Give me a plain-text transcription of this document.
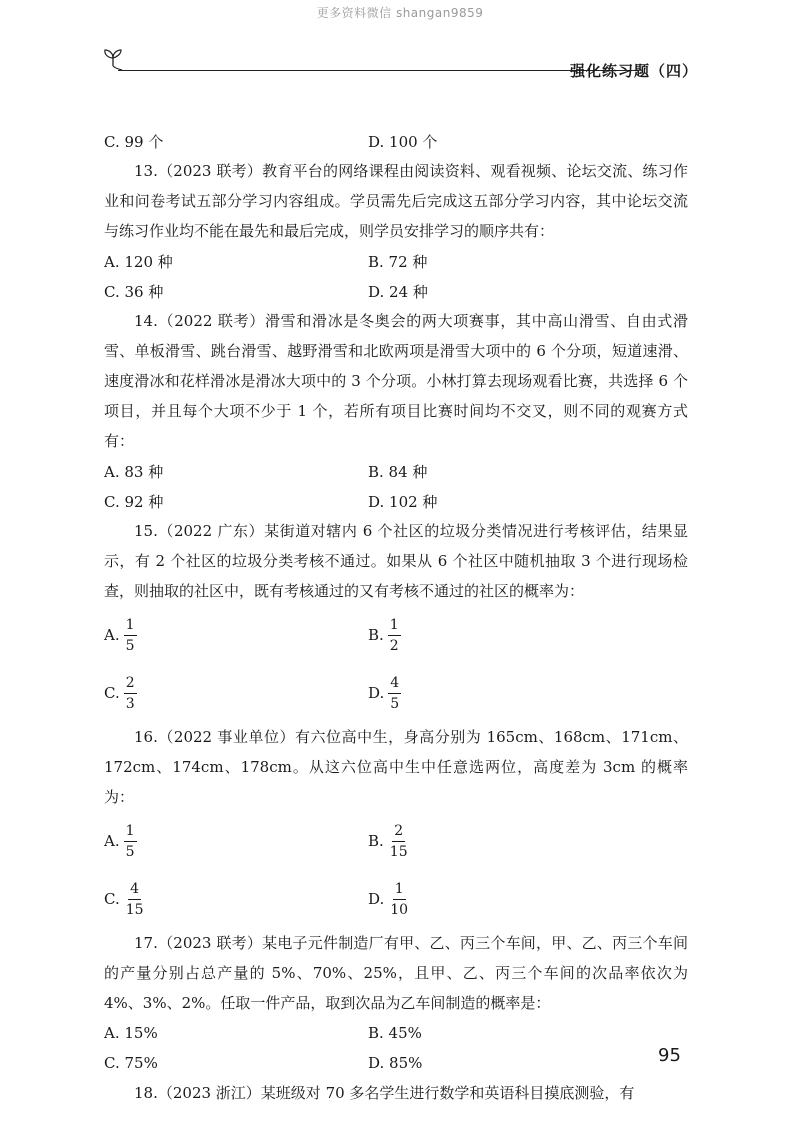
更多资料微信 shangan9859
强化练习题（四）
C. 99 个	D. 100 个
13.（2023 联考）教育平台的网络课程由阅读资料、观看视频、论坛交流、练习作业和问卷考试五部分学习内容组成。学员需先后完成这五部分学习内容，其中论坛交流与练习作业均不能在最先和最后完成，则学员安排学习的顺序共有：
A. 120 种	B. 72 种
C. 36 种	D. 24 种
14.（2022 联考）滑雪和滑冰是冬奥会的两大项赛事，其中高山滑雪、自由式滑雪、单板滑雪、跳台滑雪、越野滑雪和北欧两项是滑雪大项中的 6 个分项，短道速滑、速度滑冰和花样滑冰是滑冰大项中的 3 个分项。小林打算去现场观看比赛，共选择 6 个项目，并且每个大项不少于 1 个，若所有项目比赛时间均不交叉，则不同的观赛方式有：
A. 83 种	B. 84 种
C. 92 种	D. 102 种
15.（2022 广东）某街道对辖内 6 个社区的垃圾分类情况进行考核评估，结果显示，有 2 个社区的垃圾分类考核不通过。如果从 6 个社区中随机抽取 3 个进行现场检查，则抽取的社区中，既有考核通过的又有考核不通过的社区的概率为：
A. $\frac{1}{5}$	B. $\frac{1}{2}$
C. $\frac{2}{3}$	D. $\frac{4}{5}$
16.（2022 事业单位）有六位高中生，身高分别为 165cm、168cm、171cm、172cm、174cm、178cm。从这六位高中生中任意选两位，高度差为 3cm 的概率为：
A. $\frac{1}{5}$	B. $\frac{2}{15}$
C. $\frac{4}{15}$	D. $\frac{1}{10}$
17.（2023 联考）某电子元件制造厂有甲、乙、丙三个车间，甲、乙、丙三个车间的产量分别占总产量的 5%、70%、25%，且甲、乙、丙三个车间的次品率依次为 4%、3%、2%。任取一件产品，取到次品为乙车间制造的概率是：
A. 15%	B. 45%
C. 75%	D. 85%
18.（2023 浙江）某班级对 70 多名学生进行数学和英语科目摸底测验，有
95
